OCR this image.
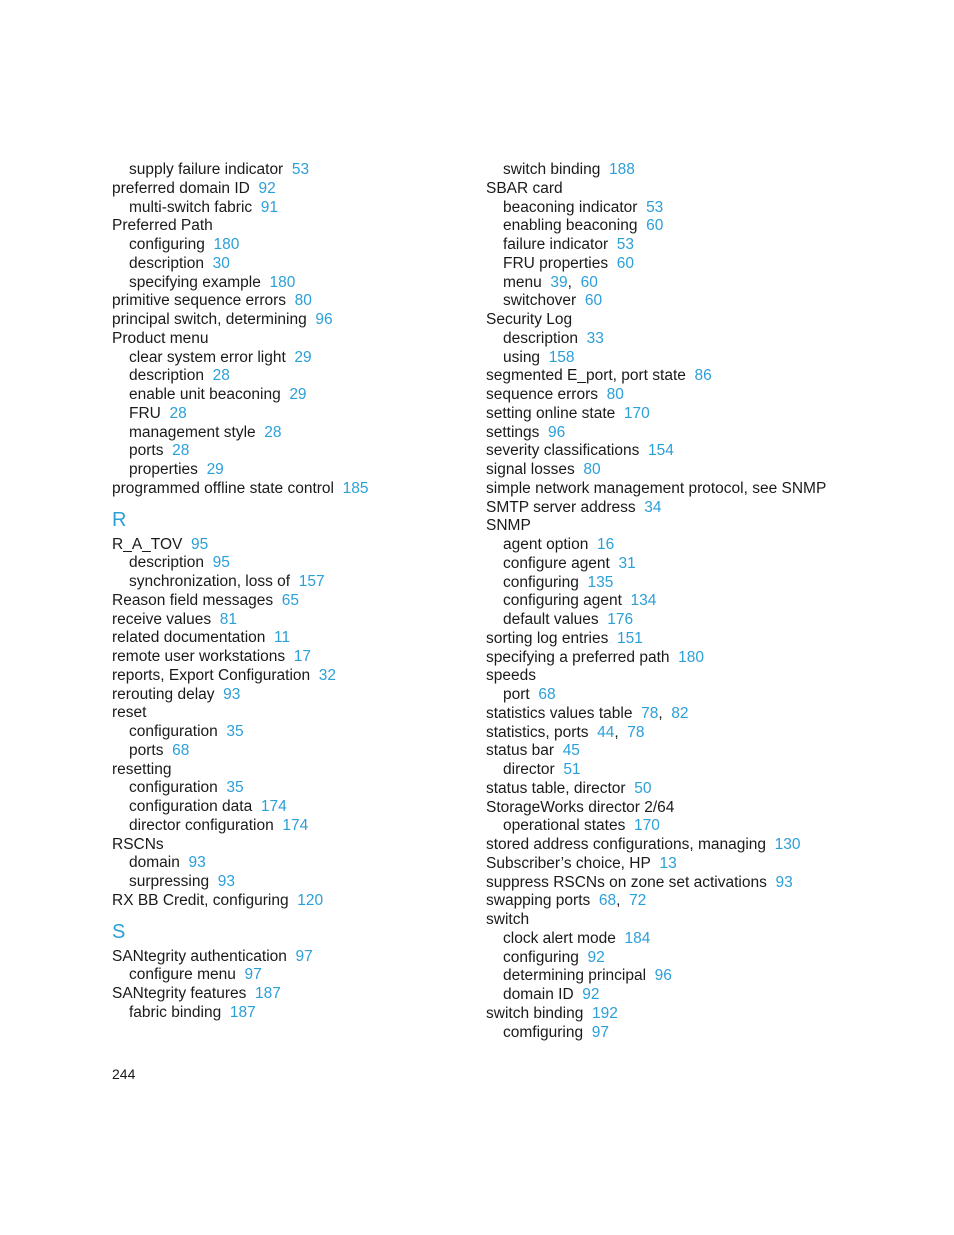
supply failure indicator 53
preferred domain ID 92
multi-switch fabric 91
Preferred Path
configuring 180
description 30
specifying example 180
primitive sequence errors 80
principal switch, determining 96
Product menu
clear system error light 29
description 28
enable unit beaconing 29
FRU 28
management style 28
ports 28
properties 29
programmed offline state control 185
R
R_A_TOV 95
description 95
synchronization, loss of 157
Reason field messages 65
receive values 81
related documentation 11
remote user workstations 17
reports, Export Configuration 32
rerouting delay 93
reset
configuration 35
ports 68
resetting
configuration 35
configuration data 174
director configuration 174
RSCNs
domain 93
surpressing 93
RX BB Credit, configuring 120
S
SANtegrity authentication 97
configure menu 97
SANtegrity features 187
fabric binding 187
switch binding 188
SBAR card
beaconing indicator 53
enabling beaconing 60
failure indicator 53
FRU properties 60
menu 39,  60
switchover 60
Security Log
description 33
using 158
segmented E_port, port state 86
sequence errors 80
setting online state 170
settings 96
severity classifications 154
signal losses 80
simple network management protocol, see SNMP
SMTP server address 34
SNMP
agent option 16
configure agent 31
configuring 135
configuring agent 134
default values 176
sorting log entries 151
specifying a preferred path 180
speeds
port 68
statistics values table 78,  82
statistics, ports 44,  78
status bar 45
director 51
status table, director 50
StorageWorks director 2/64
operational states 170
stored address configurations, managing 130
Subscriber’s choice, HP 13
suppress RSCNs on zone set activations 93
swapping ports 68,  72
switch
clock alert mode 184
configuring 92
determining principal 96
domain ID 92
switch binding 192
comfiguring 97
244
